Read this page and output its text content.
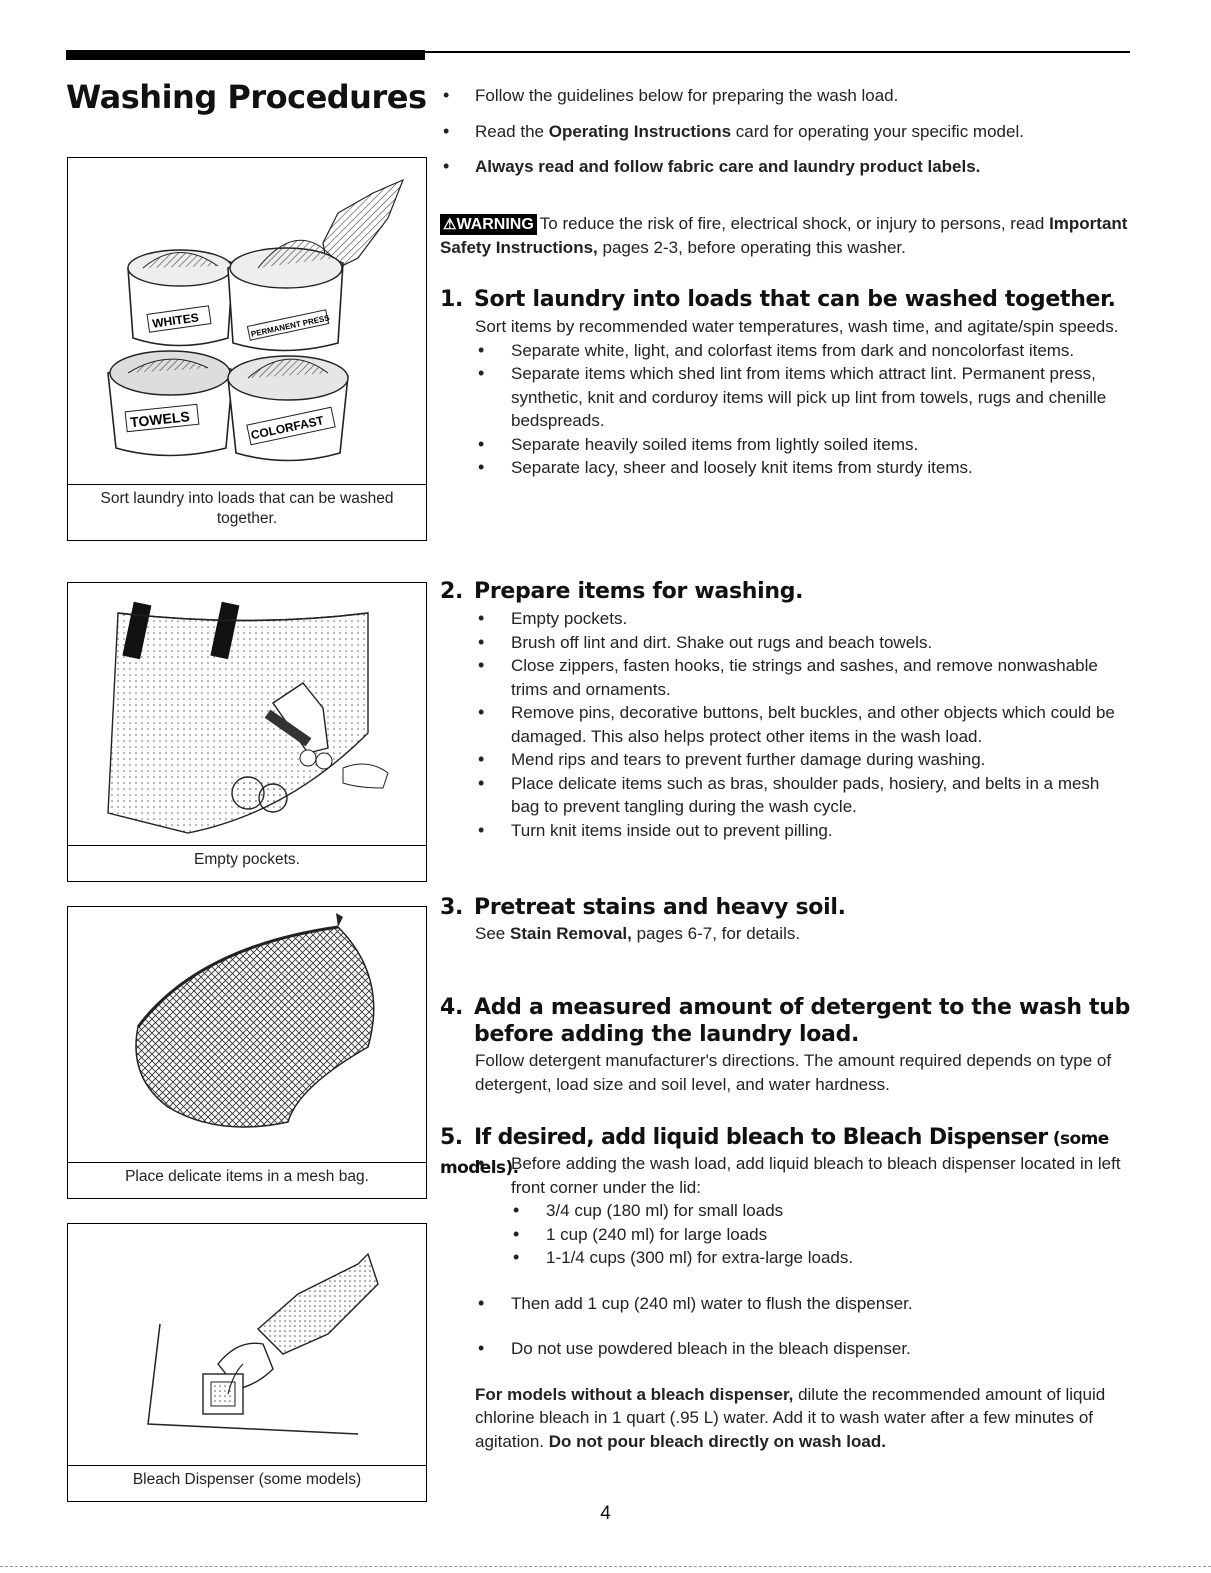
Washing Procedures
WHITES	PERMANENT PRESS
TOWELS	COLORFAST
Sort laundry into loads that can be washed together.
Empty pockets.
Place delicate items in a mesh bag.
Bleach Dispenser (some models)
• Follow the guidelines below for preparing the wash load.
• Read the Operating Instructions card for operating your specific model.
• Always read and follow fabric care and laundry product labels.
⚠WARNING To reduce the risk of fire, electrical shock, or injury to persons, read Important Safety Instructions, pages 2-3, before operating this washer.
1. Sort laundry into loads that can be washed together.
Sort items by recommended water temperatures, wash time, and agitate/spin speeds.
• Separate white, light, and colorfast items from dark and noncolorfast items.
• Separate items which shed lint from items which attract lint. Permanent press, synthetic, knit and corduroy items will pick up lint from towels, rugs and chenille bedspreads.
• Separate heavily soiled items from lightly soiled items.
• Separate lacy, sheer and loosely knit items from sturdy items.
2. Prepare items for washing.
• Empty pockets.
• Brush off lint and dirt. Shake out rugs and beach towels.
• Close zippers, fasten hooks, tie strings and sashes, and remove nonwashable trims and ornaments.
• Remove pins, decorative buttons, belt buckles, and other objects which could be damaged. This also helps protect other items in the wash load.
• Mend rips and tears to prevent further damage during washing.
• Place delicate items such as bras, shoulder pads, hosiery, and belts in a mesh bag to prevent tangling during the wash cycle.
• Turn knit items inside out to prevent pilling.
3. Pretreat stains and heavy soil.
See Stain Removal, pages 6-7, for details.
4. Add a measured amount of detergent to the wash tub
before adding the laundry load.
Follow detergent manufacturer's directions. The amount required depends on type of detergent, load size and soil level, and water hardness.
5. If desired, add liquid bleach to Bleach Dispenser (some models).
• Before adding the wash load, add liquid bleach to bleach dispenser located in left front corner under the lid:
• 3/4 cup (180 ml) for small loads
• 1 cup (240 ml) for large loads
• 1-1/4 cups (300 ml) for extra-large loads.
• Then add 1 cup (240 ml) water to flush the dispenser.
• Do not use powdered bleach in the bleach dispenser.
For models without a bleach dispenser, dilute the recommended amount of liquid chlorine bleach in 1 quart (.95 L) water. Add it to wash water after a few minutes of agitation. Do not pour bleach directly on wash load.
4
